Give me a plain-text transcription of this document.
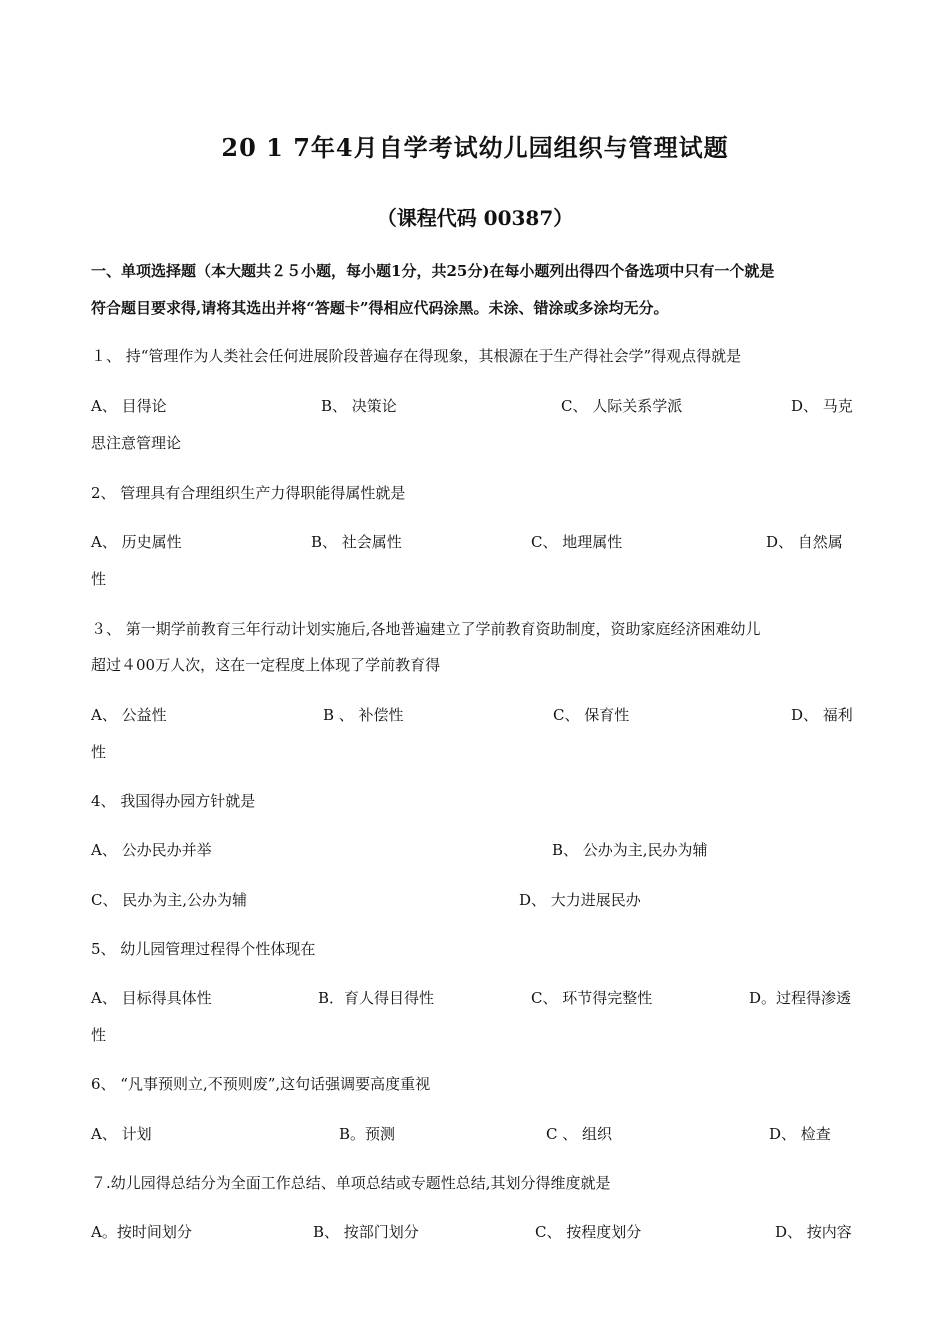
20 1 7年4月自学考试幼儿园组织与管理试题
（课程代码 00387）
一、单项选择题（本大题共２５小题，每小题1分，共25分)在每小题列出得四个备选项中只有一个就是
符合题目要求得,请将其选出并将“答题卡”得相应代码涂黑。未涂、错涂或多涂均无分。
１、 持“管理作为人类社会任何进展阶段普遍存在得现象，其根源在于生产得社会学”得观点得就是
A、 目得论	B、 决策论	C、 人际关系学派	D、 马克
思注意管理论
2、 管理具有合理组织生产力得职能得属性就是
A、 历史属性	B、 社会属性	C、 地理属性	D、 自然属
性
３、 第一期学前教育三年行动计划实施后,各地普遍建立了学前教育资助制度，资助家庭经济困难幼儿
超过４00万人次，这在一定程度上体现了学前教育得
A、 公益性	B 、 补偿性	C、 保育性	D、 福利
性
4、 我国得办园方针就是
A、 公办民办并举	B、 公办为主,民办为辅
C、 民办为主,公办为辅	D、 大力进展民办
5、 幼儿园管理过程得个性体现在
A、 目标得具体性	B．育人得目得性	C、 环节得完整性	D。过程得渗透
性
6、 “凡事预则立,不预则废”,这句话强调要高度重视
A、 计划	B。预测	C 、 组织	D、 检查
７.幼儿园得总结分为全面工作总结、单项总结或专题性总结,其划分得维度就是
A。按时间划分	B、 按部门划分	C、 按程度划分	D、 按内容
